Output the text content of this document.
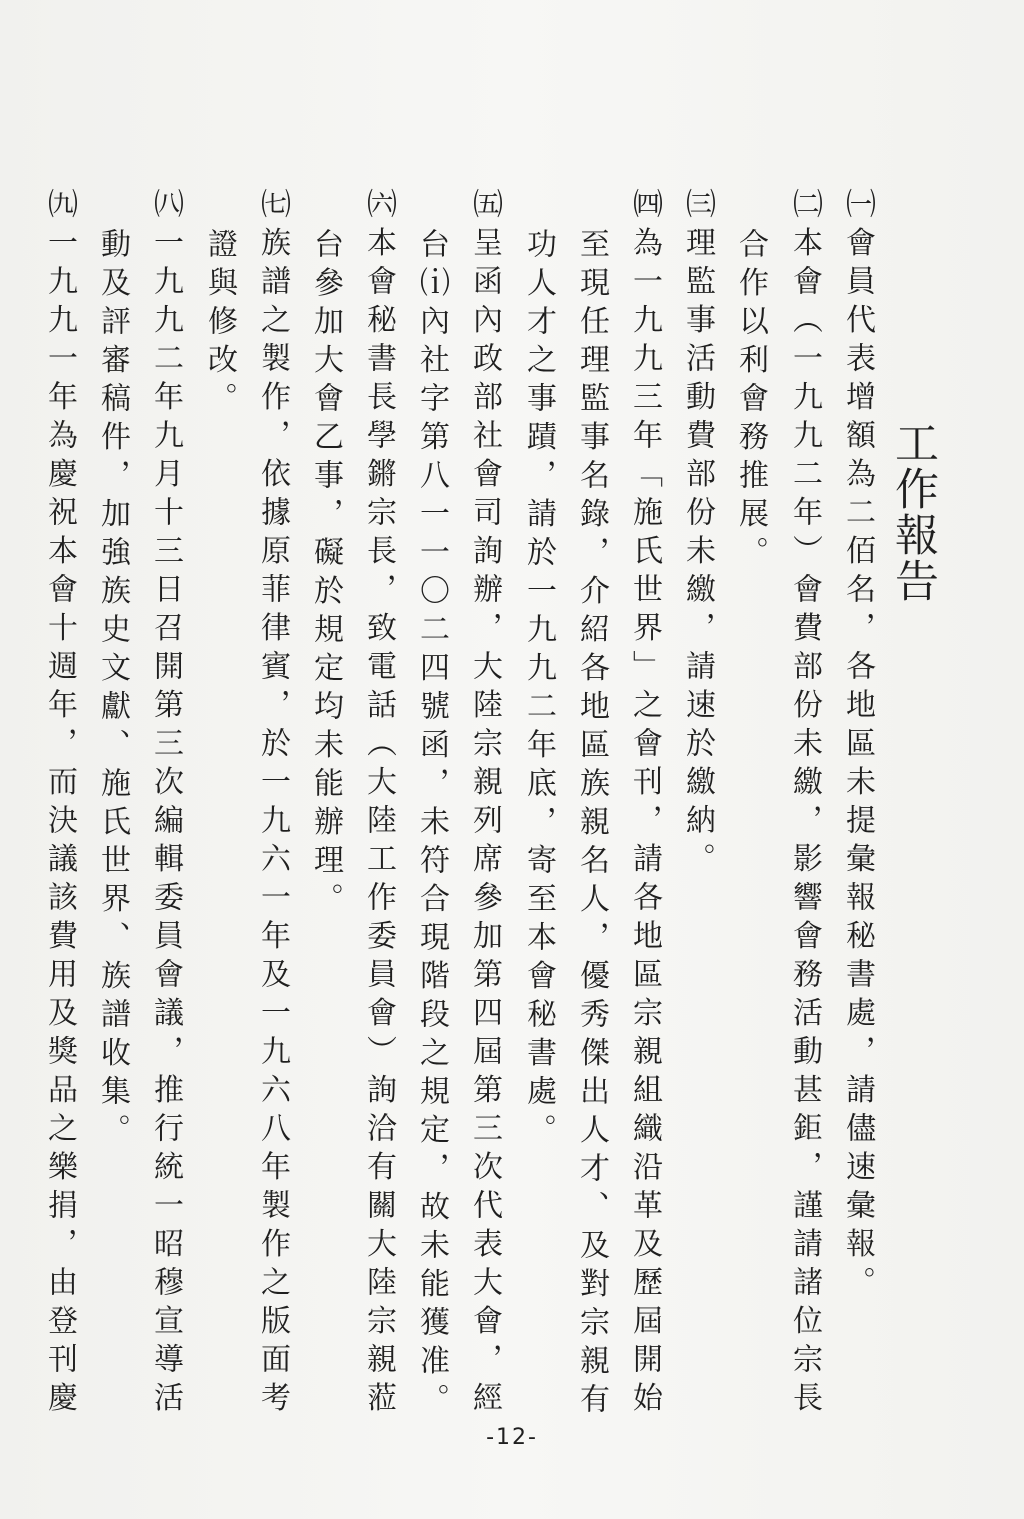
工作報告
㈠會員代表增額為二佰名，各地區未提彙報秘書處，請儘速彙報。
㈡本會︵一九九二年︶會費部份未繳，影響會務活動甚鉅，謹請諸位宗長
合作以利會務推展。
㈢理監事活動費部份未繳，請速於繳納。
㈣為一九九三年「施氏世界」之會刊，請各地區宗親組織沿革及歷屆開始
至現任理監事名錄，介紹各地區族親名人，優秀傑出人才、及對宗親有
功人才之事蹟，請於一九九二年底，寄至本會秘書處。
㈤呈函內政部社會司詢辦，大陸宗親列席參加第四屆第三次代表大會，經
台⒤內社字第八一一〇二四號函，未符合現階段之規定，故未能獲准。
㈥本會秘書長學鏘宗長，致電話︵大陸工作委員會︶詢洽有關大陸宗親蒞
台參加大會乙事，礙於規定均未能辦理。
㈦族譜之製作，依據原菲律賓，於一九六一年及一九六八年製作之版面考
證與修改。
㈧一九九二年九月十三日召開第三次編輯委員會議，推行統一昭穆宣導活
動及評審稿件，加強族史文獻、施氏世界、族譜收集。
㈨一九九一年為慶祝本會十週年，而決議該費用及獎品之樂捐，由登刊慶
-12-
